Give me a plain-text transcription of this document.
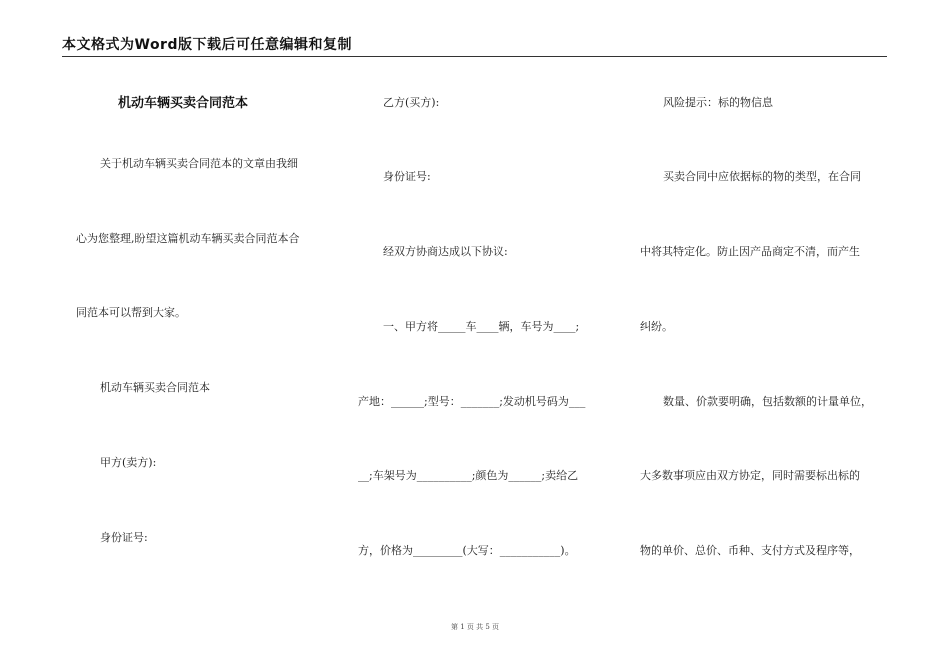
本文格式为Word版下载后可任意编辑和复制
机动车辆买卖合同范本
关于机动车辆买卖合同范本的文章由我细
心为您整理,盼望这篇机动车辆买卖合同范本合
同范本可以帮到大家。
机动车辆买卖合同范本
甲方(卖方):
身份证号:
乙方(买方):
身份证号:
经双方协商达成以下协议:
一、甲方将_____车____辆，车号为____;
产地：______;型号：_______;发动机号码为___
__;车架号为__________;颜色为______;卖给乙
方，价格为_________(大写：___________)。
风险提示：标的物信息
买卖合同中应依据标的物的类型，在合同
中将其特定化。防止因产品商定不清，而产生
纠纷。
数量、价款要明确，包括数额的计量单位，
大多数事项应由双方协定，同时需要标出标的
物的单价、总价、币种、支付方式及程序等，
第 1 页 共 5 页
